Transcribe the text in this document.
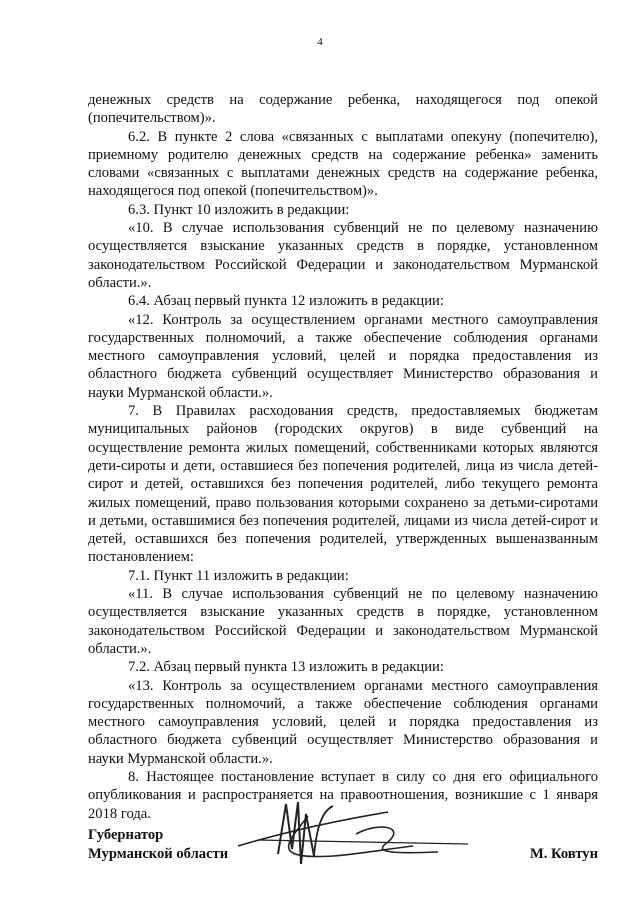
4

денежных средств на содержание ребенка, находящегося под опекой (попечительством)».

6.2. В пункте 2 слова «связанных с выплатами опекуну (попечителю), приемному родителю денежных средств на содержание ребенка» заменить словами «связанных с выплатами денежных средств на содержание ребенка, находящегося под опекой (попечительством)».

6.3. Пункт 10 изложить в редакции:

«10. В случае использования субвенций не по целевому назначению осуществляется взыскание указанных средств в порядке, установленном законодательством Российской Федерации и законодательством Мурманской области.».

6.4. Абзац первый пункта 12 изложить в редакции:

«12. Контроль за осуществлением органами местного самоуправления государственных полномочий, а также обеспечение соблюдения органами местного самоуправления условий, целей и порядка предоставления из областного бюджета субвенций осуществляет Министерство образования и науки Мурманской области.».

7. В Правилах расходования средств, предоставляемых бюджетам муниципальных районов (городских округов) в виде субвенций на осуществление ремонта жилых помещений, собственниками которых являются дети-сироты и дети, оставшиеся без попечения родителей, лица из числа детей-сирот и детей, оставшихся без попечения родителей, либо текущего ремонта жилых помещений, право пользования которыми сохранено за детьми-сиротами и детьми, оставшимися без попечения родителей, лицами из числа детей-сирот и детей, оставшихся без попечения родителей, утвержденных вышеназванным постановлением:

7.1. Пункт 11 изложить в редакции:

«11. В случае использования субвенций не по целевому назначению осуществляется взыскание указанных средств в порядке, установленном законодательством Российской Федерации и законодательством Мурманской области.».

7.2. Абзац первый пункта 13 изложить в редакции:

«13. Контроль за осуществлением органами местного самоуправления государственных полномочий, а также обеспечение соблюдения органами местного самоуправления условий, целей и порядка предоставления из областного бюджета субвенций осуществляет Министерство образования и науки Мурманской области.».

8. Настоящее постановление вступает в силу со дня его официального опубликования и распространяется на правоотношения, возникшие с 1 января 2018 года.

Губернатор
Мурманской области	М. Ковтун
